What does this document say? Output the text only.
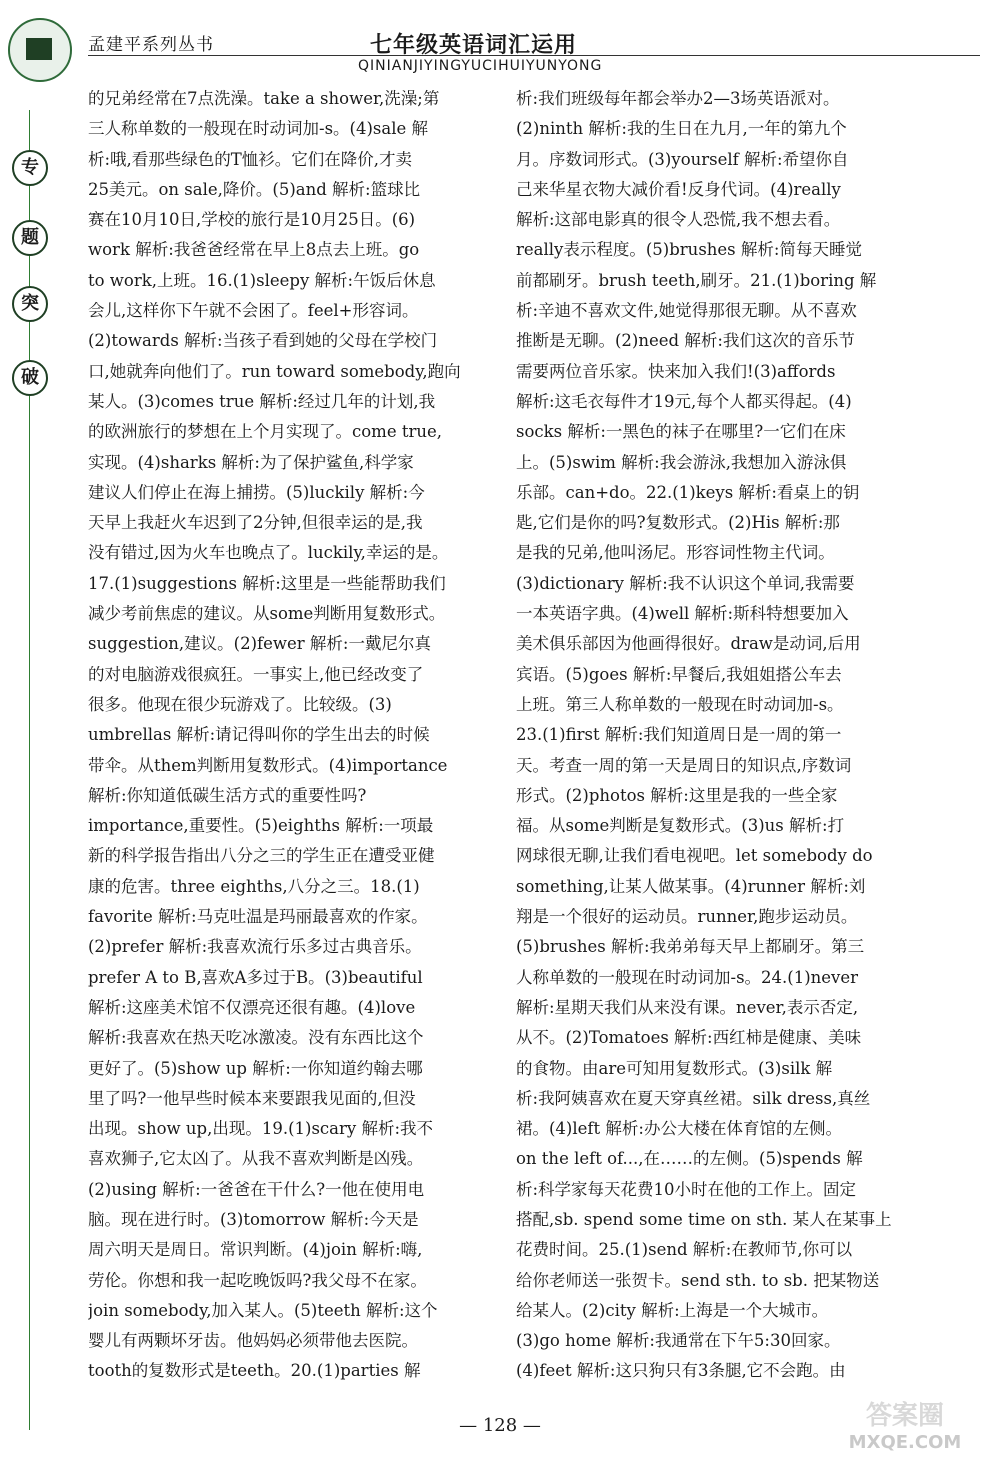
孟建平系列丛书	七年级英语词汇运用
QINIANJIYINGYUCIHUIYUNYONG
专
题
突
破
的兄弟经常在7点洗澡。take a shower,洗澡;第
三人称单数的一般现在时动词加-s。(4)sale 解
析:哦,看那些绿色的T恤衫。它们在降价,才卖
25美元。on sale,降价。(5)and 解析:篮球比
赛在10月10日,学校的旅行是10月25日。(6)
work 解析:我爸爸经常在早上8点去上班。go
to work,上班。16.(1)sleepy 解析:午饭后休息
会儿,这样你下午就不会困了。feel+形容词。
(2)towards 解析:当孩子看到她的父母在学校门
口,她就奔向他们了。run toward somebody,跑向
某人。(3)comes true 解析:经过几年的计划,我
的欧洲旅行的梦想在上个月实现了。come true,
实现。(4)sharks 解析:为了保护鲨鱼,科学家
建议人们停止在海上捕捞。(5)luckily 解析:今
天早上我赶火车迟到了2分钟,但很幸运的是,我
没有错过,因为火车也晚点了。luckily,幸运的是。
17.(1)suggestions 解析:这里是一些能帮助我们
减少考前焦虑的建议。从some判断用复数形式。
suggestion,建议。(2)fewer 解析:一戴尼尔真
的对电脑游戏很疯狂。一事实上,他已经改变了
很多。他现在很少玩游戏了。比较级。(3)
umbrellas 解析:请记得叫你的学生出去的时候
带伞。从them判断用复数形式。(4)importance
解析:你知道低碳生活方式的重要性吗?
importance,重要性。(5)eighths 解析:一项最
新的科学报告指出八分之三的学生正在遭受亚健
康的危害。three eighths,八分之三。18.(1)
favorite 解析:马克吐温是玛丽最喜欢的作家。
(2)prefer 解析:我喜欢流行乐多过古典音乐。
prefer A to B,喜欢A多过于B。(3)beautiful
解析:这座美术馆不仅漂亮还很有趣。(4)love
解析:我喜欢在热天吃冰激凌。没有东西比这个
更好了。(5)show up 解析:一你知道约翰去哪
里了吗?一他早些时候本来要跟我见面的,但没
出现。show up,出现。19.(1)scary 解析:我不
喜欢狮子,它太凶了。从我不喜欢判断是凶残。
(2)using 解析:一爸爸在干什么?一他在使用电
脑。现在进行时。(3)tomorrow 解析:今天是
周六明天是周日。常识判断。(4)join 解析:嗨,
劳伦。你想和我一起吃晚饭吗?我父母不在家。
join somebody,加入某人。(5)teeth 解析:这个
婴儿有两颗坏牙齿。他妈妈必须带他去医院。
tooth的复数形式是teeth。20.(1)parties 解
析:我们班级每年都会举办2—3场英语派对。
(2)ninth 解析:我的生日在九月,一年的第九个
月。序数词形式。(3)yourself 解析:希望你自
己来华星衣物大减价看!反身代词。(4)really
解析:这部电影真的很令人恐慌,我不想去看。
really表示程度。(5)brushes 解析:简每天睡觉
前都刷牙。brush teeth,刷牙。21.(1)boring 解
析:辛迪不喜欢文件,她觉得那很无聊。从不喜欢
推断是无聊。(2)need 解析:我们这次的音乐节
需要两位音乐家。快来加入我们!(3)affords
解析:这毛衣每件才19元,每个人都买得起。(4)
socks 解析:一黑色的袜子在哪里?一它们在床
上。(5)swim 解析:我会游泳,我想加入游泳俱
乐部。can+do。22.(1)keys 解析:看桌上的钥
匙,它们是你的吗?复数形式。(2)His 解析:那
是我的兄弟,他叫汤尼。形容词性物主代词。
(3)dictionary 解析:我不认识这个单词,我需要
一本英语字典。(4)well 解析:斯科特想要加入
美术俱乐部因为他画得很好。draw是动词,后用
宾语。(5)goes 解析:早餐后,我姐姐搭公车去
上班。第三人称单数的一般现在时动词加-s。
23.(1)first 解析:我们知道周日是一周的第一
天。考查一周的第一天是周日的知识点,序数词
形式。(2)photos 解析:这里是我的一些全家
福。从some判断是复数形式。(3)us 解析:打
网球很无聊,让我们看电视吧。let somebody do
something,让某人做某事。(4)runner 解析:刘
翔是一个很好的运动员。runner,跑步运动员。
(5)brushes 解析:我弟弟每天早上都刷牙。第三
人称单数的一般现在时动词加-s。24.(1)never
解析:星期天我们从来没有课。never,表示否定,
从不。(2)Tomatoes 解析:西红柿是健康、美味
的食物。由are可知用复数形式。(3)silk 解
析:我阿姨喜欢在夏天穿真丝裙。silk dress,真丝
裙。(4)left 解析:办公大楼在体育馆的左侧。
on the left of...,在……的左侧。(5)spends 解
析:科学家每天花费10小时在他的工作上。固定
搭配,sb. spend some time on sth. 某人在某事上
花费时间。25.(1)send 解析:在教师节,你可以
给你老师送一张贺卡。send sth. to sb. 把某物送
给某人。(2)city 解析:上海是一个大城市。
(3)go home 解析:我通常在下午5:30回家。
(4)feet 解析:这只狗只有3条腿,它不会跑。由
— 128 —	答案圈
MXQE.COM
